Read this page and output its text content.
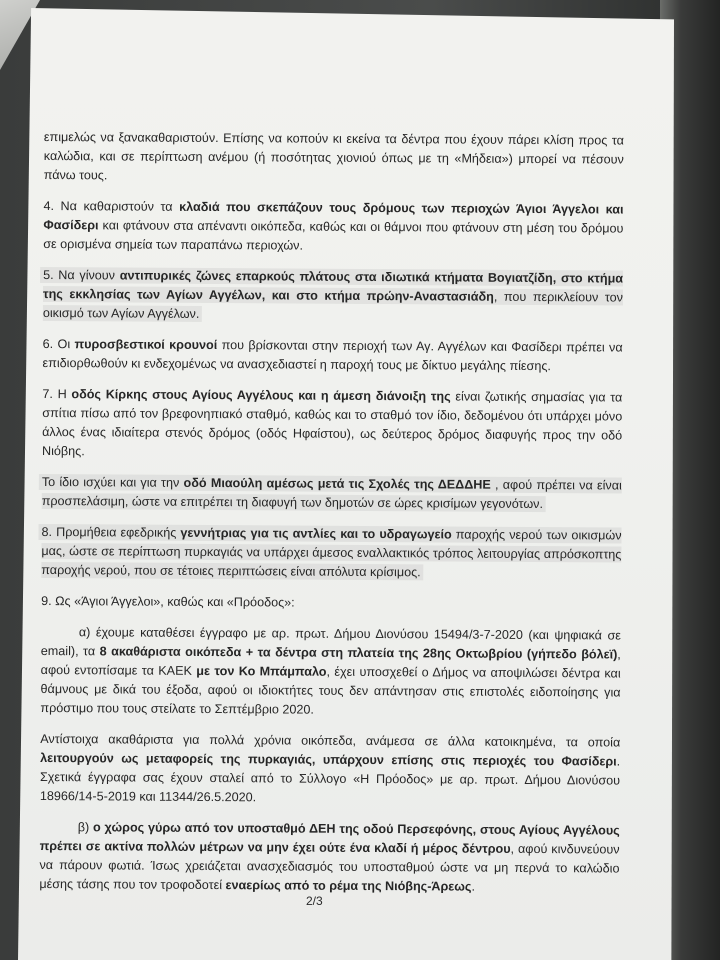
επιμελώς να ξανακαθαριστούν. Επίσης να κοπούν κι εκείνα τα δέντρα που έχουν πάρει κλίση προς τα καλώδια, και σε περίπτωση ανέμου (ή ποσότητας χιονιού όπως με τη «Μήδεια») μπορεί να πέσουν πάνω τους.

4. Να καθαριστούν τα κλαδιά που σκεπάζουν τους δρόμους των περιοχών Άγιοι Άγγελοι και Φασίδερι και φτάνουν στα απέναντι οικόπεδα, καθώς και οι θάμνοι που φτάνουν στη μέση του δρόμου σε ορισμένα σημεία των παραπάνω περιοχών.

5. Να γίνουν αντιπυρικές ζώνες επαρκούς πλάτους στα ιδιωτικά κτήματα Βογιατζίδη, στο κτήμα της εκκλησίας των Αγίων Αγγέλων, και στο κτήμα πρώην-Αναστασιάδη, που περικλείουν τον οικισμό των Αγίων Αγγέλων.

6. Οι πυροσβεστικοί κρουνοί που βρίσκονται στην περιοχή των Αγ. Αγγέλων και Φασίδερι πρέπει να επιδιορθωθούν κι ενδεχομένως να ανασχεδιαστεί η παροχή τους με δίκτυο μεγάλης πίεσης.

7. Η οδός Κίρκης στους Αγίους Αγγέλους και η άμεση διάνοιξη της είναι ζωτικής σημασίας για τα σπίτια πίσω από τον βρεφονηπιακό σταθμό, καθώς και το σταθμό τον ίδιο, δεδομένου ότι υπάρχει μόνο άλλος ένας ιδιαίτερα στενός δρόμος (οδός Ηφαίστου), ως δεύτερος δρόμος διαφυγής προς την οδό Νιόβης.

Το ίδιο ισχύει και για την οδό Μιαούλη αμέσως μετά τις Σχολές της ΔΕΔΔΗΕ , αφού πρέπει να είναι προσπελάσιμη, ώστε να επιτρέπει τη διαφυγή των δημοτών σε ώρες κρισίμων γεγονότων.

8. Προμήθεια εφεδρικής γεννήτριας για τις αντλίες και το υδραγωγείο παροχής νερού των οικισμών μας, ώστε σε περίπτωση πυρκαγιάς να υπάρχει άμεσος εναλλακτικός τρόπος λειτουργίας απρόσκοπτης παροχής νερού, που σε τέτοιες περιπτώσεις είναι απόλυτα κρίσιμος.

9. Ως «Άγιοι Άγγελοι», καθώς και «Πρόοδος»:

α) έχουμε καταθέσει έγγραφο με αρ. πρωτ. Δήμου Διονύσου 15494/3-7-2020 (και ψηφιακά σε email), τα 8 ακαθάριστα οικόπεδα + τα δέντρα στη πλατεία της 28ης Οκτωβρίου (γήπεδο βόλεϊ), αφού εντοπίσαμε τα ΚΑΕΚ με τον Κο Μπάμπαλο, έχει υποσχεθεί ο Δήμος να αποψιλώσει δέντρα και θάμνους με δικά του έξοδα, αφού οι ιδιοκτήτες τους δεν απάντησαν στις επιστολές ειδοποίησης για πρόστιμο που τους στείλατε το Σεπτέμβριο 2020.

Αντίστοιχα ακαθάριστα για πολλά χρόνια οικόπεδα, ανάμεσα σε άλλα κατοικημένα, τα οποία λειτουργούν ως μεταφορείς της πυρκαγιάς, υπάρχουν επίσης στις περιοχές του Φασίδερι. Σχετικά έγγραφα σας έχουν σταλεί από το Σύλλογο «Η Πρόοδος» με αρ. πρωτ. Δήμου Διονύσου 18966/14-5-2019 και 11344/26.5.2020.

β) ο χώρος γύρω από τον υποσταθμό ΔΕΗ της οδού Περσεφόνης, στους Αγίους Αγγέλους πρέπει σε ακτίνα πολλών μέτρων να μην έχει ούτε ένα κλαδί ή μέρος δέντρου, αφού κινδυνεύουν να πάρουν φωτιά. Ίσως χρειάζεται ανασχεδιασμός του υποσταθμού ώστε να μη περνά το καλώδιο μέσης τάσης που τον τροφοδοτεί εναερίως από το ρέμα της Νιόβης-Άρεως.

2/3
